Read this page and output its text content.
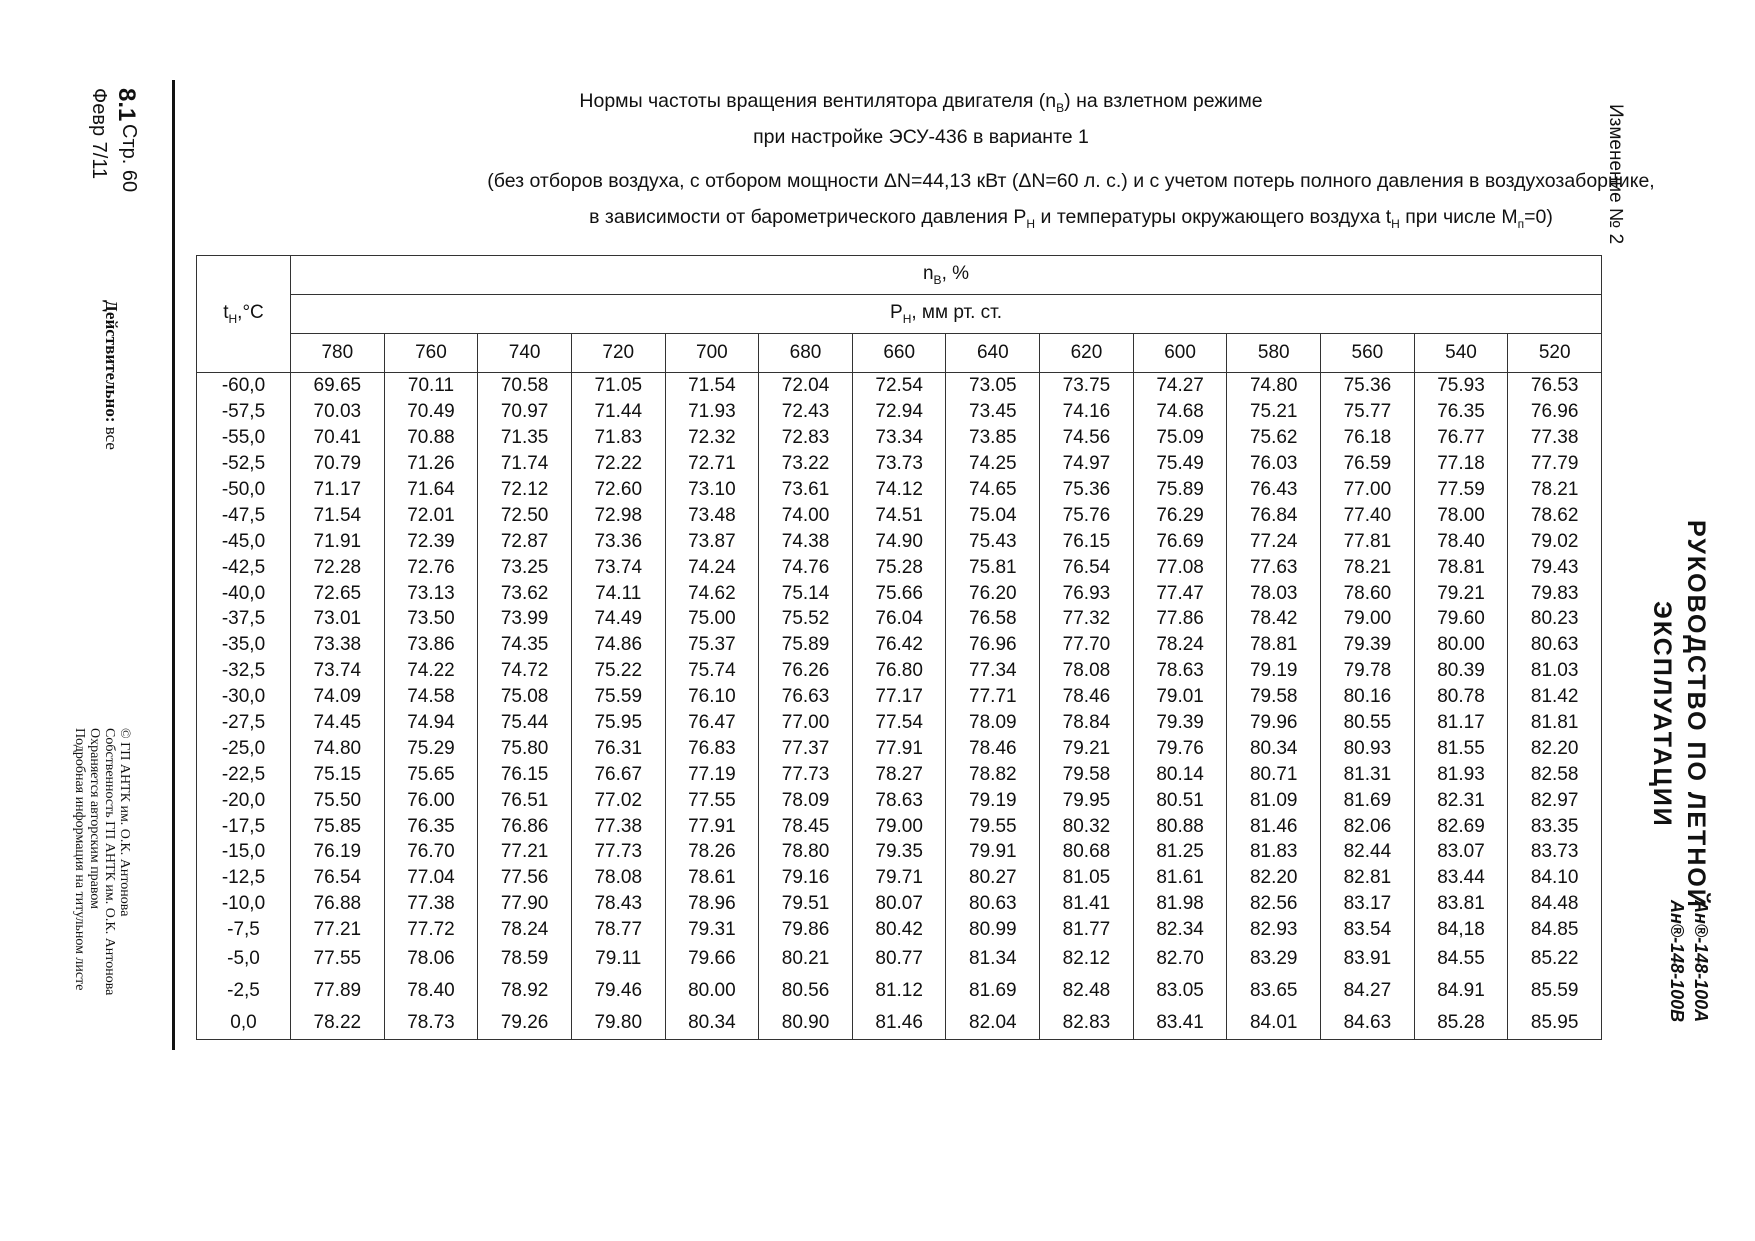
8.1
Стр. 60
Февр 7/11
Действительно: все
© ГП АНТК им. О.К. Антонова
Собственность ГП АНТК им. О.К. Антонова
Охраняется авторским правом
Подробная информация на титульном листе
Изменение № 2
РУКОВОДСТВО ПО ЛЕТНОЙ
ЭКСПЛУАТАЦИИ
Ан®-148-100А
Ан®-148-100В
Нормы частоты вращения вентилятора двигателя $(n_В)$ на взлетном режиме
при настройке ЭСУ-436 в варианте 1
(без отборов воздуха, с отбором мощности ΔN=44,13 кВт (ΔN=60 л. с.) и с учетом потерь полного давления в воздухозаборнике,
в зависимости от барометрического давления $P_Н$ и температуры окружающего воздуха $t_Н$ при числе $M_п=0$)
$t_Н,^\circ C$	$n_В$, %													
	$P_Н$, мм рт. ст.													
	780	760	740	720	700	680	660	640	620	600	580	560	540	520
-60,0	69.65	70.11	70.58	71.05	71.54	72.04	72.54	73.05	73.75	74.27	74.80	75.36	75.93	76.53
-57,5	70.03	70.49	70.97	71.44	71.93	72.43	72.94	73.45	74.16	74.68	75.21	75.77	76.35	76.96
-55,0	70.41	70.88	71.35	71.83	72.32	72.83	73.34	73.85	74.56	75.09	75.62	76.18	76.77	77.38
-52,5	70.79	71.26	71.74	72.22	72.71	73.22	73.73	74.25	74.97	75.49	76.03	76.59	77.18	77.79
-50,0	71.17	71.64	72.12	72.60	73.10	73.61	74.12	74.65	75.36	75.89	76.43	77.00	77.59	78.21
-47,5	71.54	72.01	72.50	72.98	73.48	74.00	74.51	75.04	75.76	76.29	76.84	77.40	78.00	78.62
-45,0	71.91	72.39	72.87	73.36	73.87	74.38	74.90	75.43	76.15	76.69	77.24	77.81	78.40	79.02
-42,5	72.28	72.76	73.25	73.74	74.24	74.76	75.28	75.81	76.54	77.08	77.63	78.21	78.81	79.43
-40,0	72.65	73.13	73.62	74.11	74.62	75.14	75.66	76.20	76.93	77.47	78.03	78.60	79.21	79.83
-37,5	73.01	73.50	73.99	74.49	75.00	75.52	76.04	76.58	77.32	77.86	78.42	79.00	79.60	80.23
-35,0	73.38	73.86	74.35	74.86	75.37	75.89	76.42	76.96	77.70	78.24	78.81	79.39	80.00	80.63
-32,5	73.74	74.22	74.72	75.22	75.74	76.26	76.80	77.34	78.08	78.63	79.19	79.78	80.39	81.03
-30,0	74.09	74.58	75.08	75.59	76.10	76.63	77.17	77.71	78.46	79.01	79.58	80.16	80.78	81.42
-27,5	74.45	74.94	75.44	75.95	76.47	77.00	77.54	78.09	78.84	79.39	79.96	80.55	81.17	81.81
-25,0	74.80	75.29	75.80	76.31	76.83	77.37	77.91	78.46	79.21	79.76	80.34	80.93	81.55	82.20
-22,5	75.15	75.65	76.15	76.67	77.19	77.73	78.27	78.82	79.58	80.14	80.71	81.31	81.93	82.58
-20,0	75.50	76.00	76.51	77.02	77.55	78.09	78.63	79.19	79.95	80.51	81.09	81.69	82.31	82.97
-17,5	75.85	76.35	76.86	77.38	77.91	78.45	79.00	79.55	80.32	80.88	81.46	82.06	82.69	83.35
-15,0	76.19	76.70	77.21	77.73	78.26	78.80	79.35	79.91	80.68	81.25	81.83	82.44	83.07	83.73
-12,5	76.54	77.04	77.56	78.08	78.61	79.16	79.71	80.27	81.05	81.61	82.20	82.81	83.44	84.10
-10,0	76.88	77.38	77.90	78.43	78.96	79.51	80.07	80.63	81.41	81.98	82.56	83.17	83.81	84.48
-7,5	77.21	77.72	78.24	78.77	79.31	79.86	80.42	80.99	81.77	82.34	82.93	83.54	84,18	84.85
-5,0	77.55	78.06	78.59	79.11	79.66	80.21	80.77	81.34	82.12	82.70	83.29	83.91	84.55	85.22
-2,5	77.89	78.40	78.92	79.46	80.00	80.56	81.12	81.69	82.48	83.05	83.65	84.27	84.91	85.59
0,0	78.22	78.73	79.26	79.80	80.34	80.90	81.46	82.04	82.83	83.41	84.01	84.63	85.28	85.95
